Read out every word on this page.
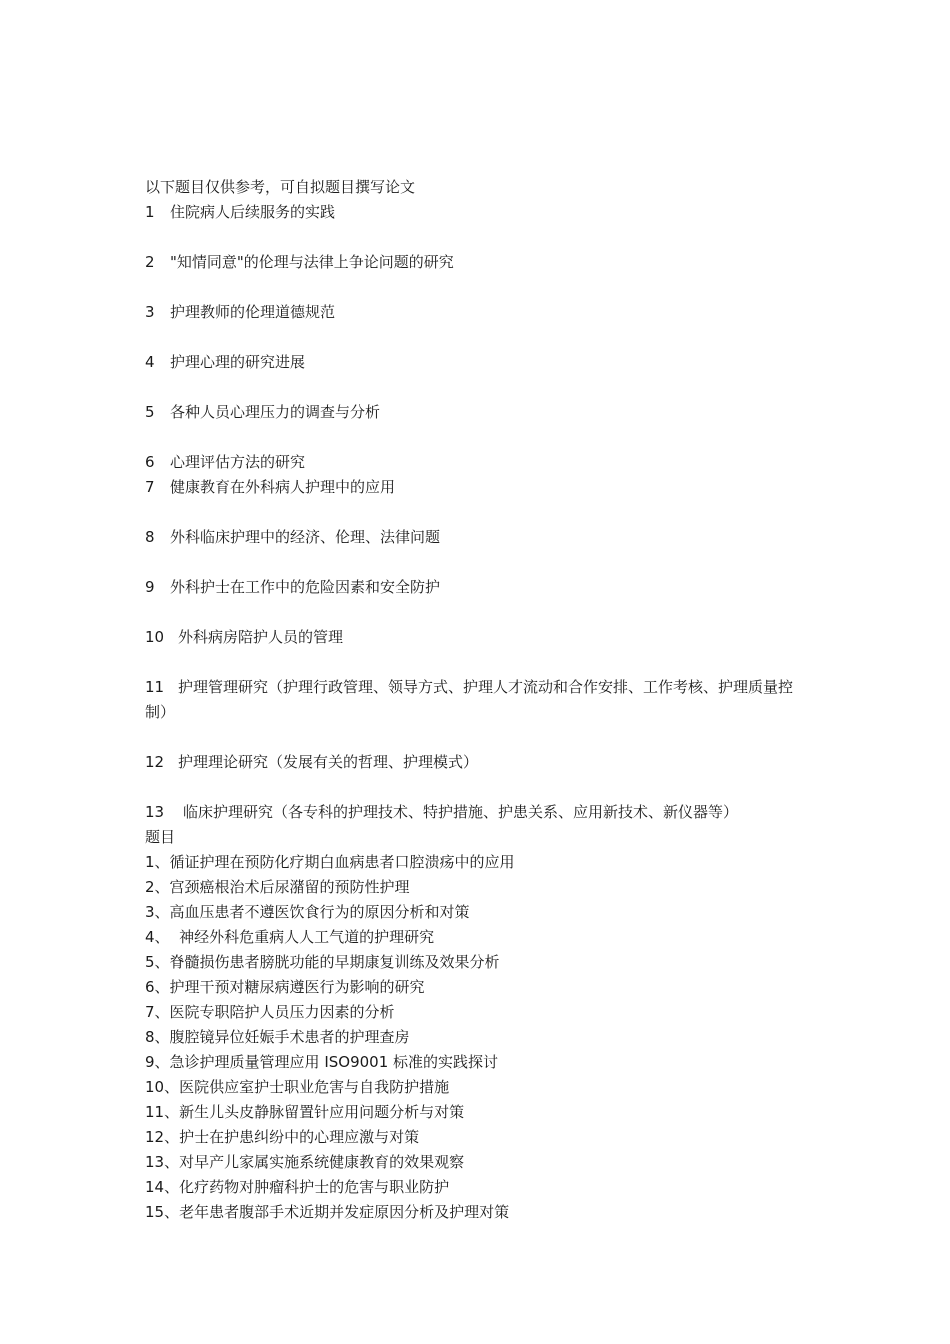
以下题目仅供参考，可自拟题目撰写论文

1 住院病人后续服务的实践

2 "知情同意"的伦理与法律上争论问题的研究

3 护理教师的伦理道德规范

4 护理心理的研究进展

5 各种人员心理压力的调查与分析

6 心理评估方法的研究

7 健康教育在外科病人护理中的应用

8 外科临床护理中的经济、伦理、法律问题

9 外科护士在工作中的危险因素和安全防护

10 外科病房陪护人员的管理

11 护理管理研究（护理行政管理、领导方式、护理人才流动和合作安排、工作考核、护理质量控制）

12 护理理论研究（发展有关的哲理、护理模式）

13 临床护理研究（各专科的护理技术、特护措施、护患关系、应用新技术、新仪器等）

题目

1、循证护理在预防化疗期白血病患者口腔溃疡中的应用

2、宫颈癌根治术后尿潴留的预防性护理

3、高血压患者不遵医饮食行为的原因分析和对策

4、  神经外科危重病人人工气道的护理研究

5、脊髓损伤患者膀胱功能的早期康复训练及效果分析

6、护理干预对糖尿病遵医行为影响的研究

7、医院专职陪护人员压力因素的分析

8、腹腔镜异位妊娠手术患者的护理查房

9、急诊护理质量管理应用 ISO9001 标准的实践探讨

10、医院供应室护士职业危害与自我防护措施

11、新生儿头皮静脉留置针应用问题分析与对策

12、护士在护患纠纷中的心理应激与对策

13、对早产儿家属实施系统健康教育的效果观察

14、化疗药物对肿瘤科护士的危害与职业防护

15、老年患者腹部手术近期并发症原因分析及护理对策
